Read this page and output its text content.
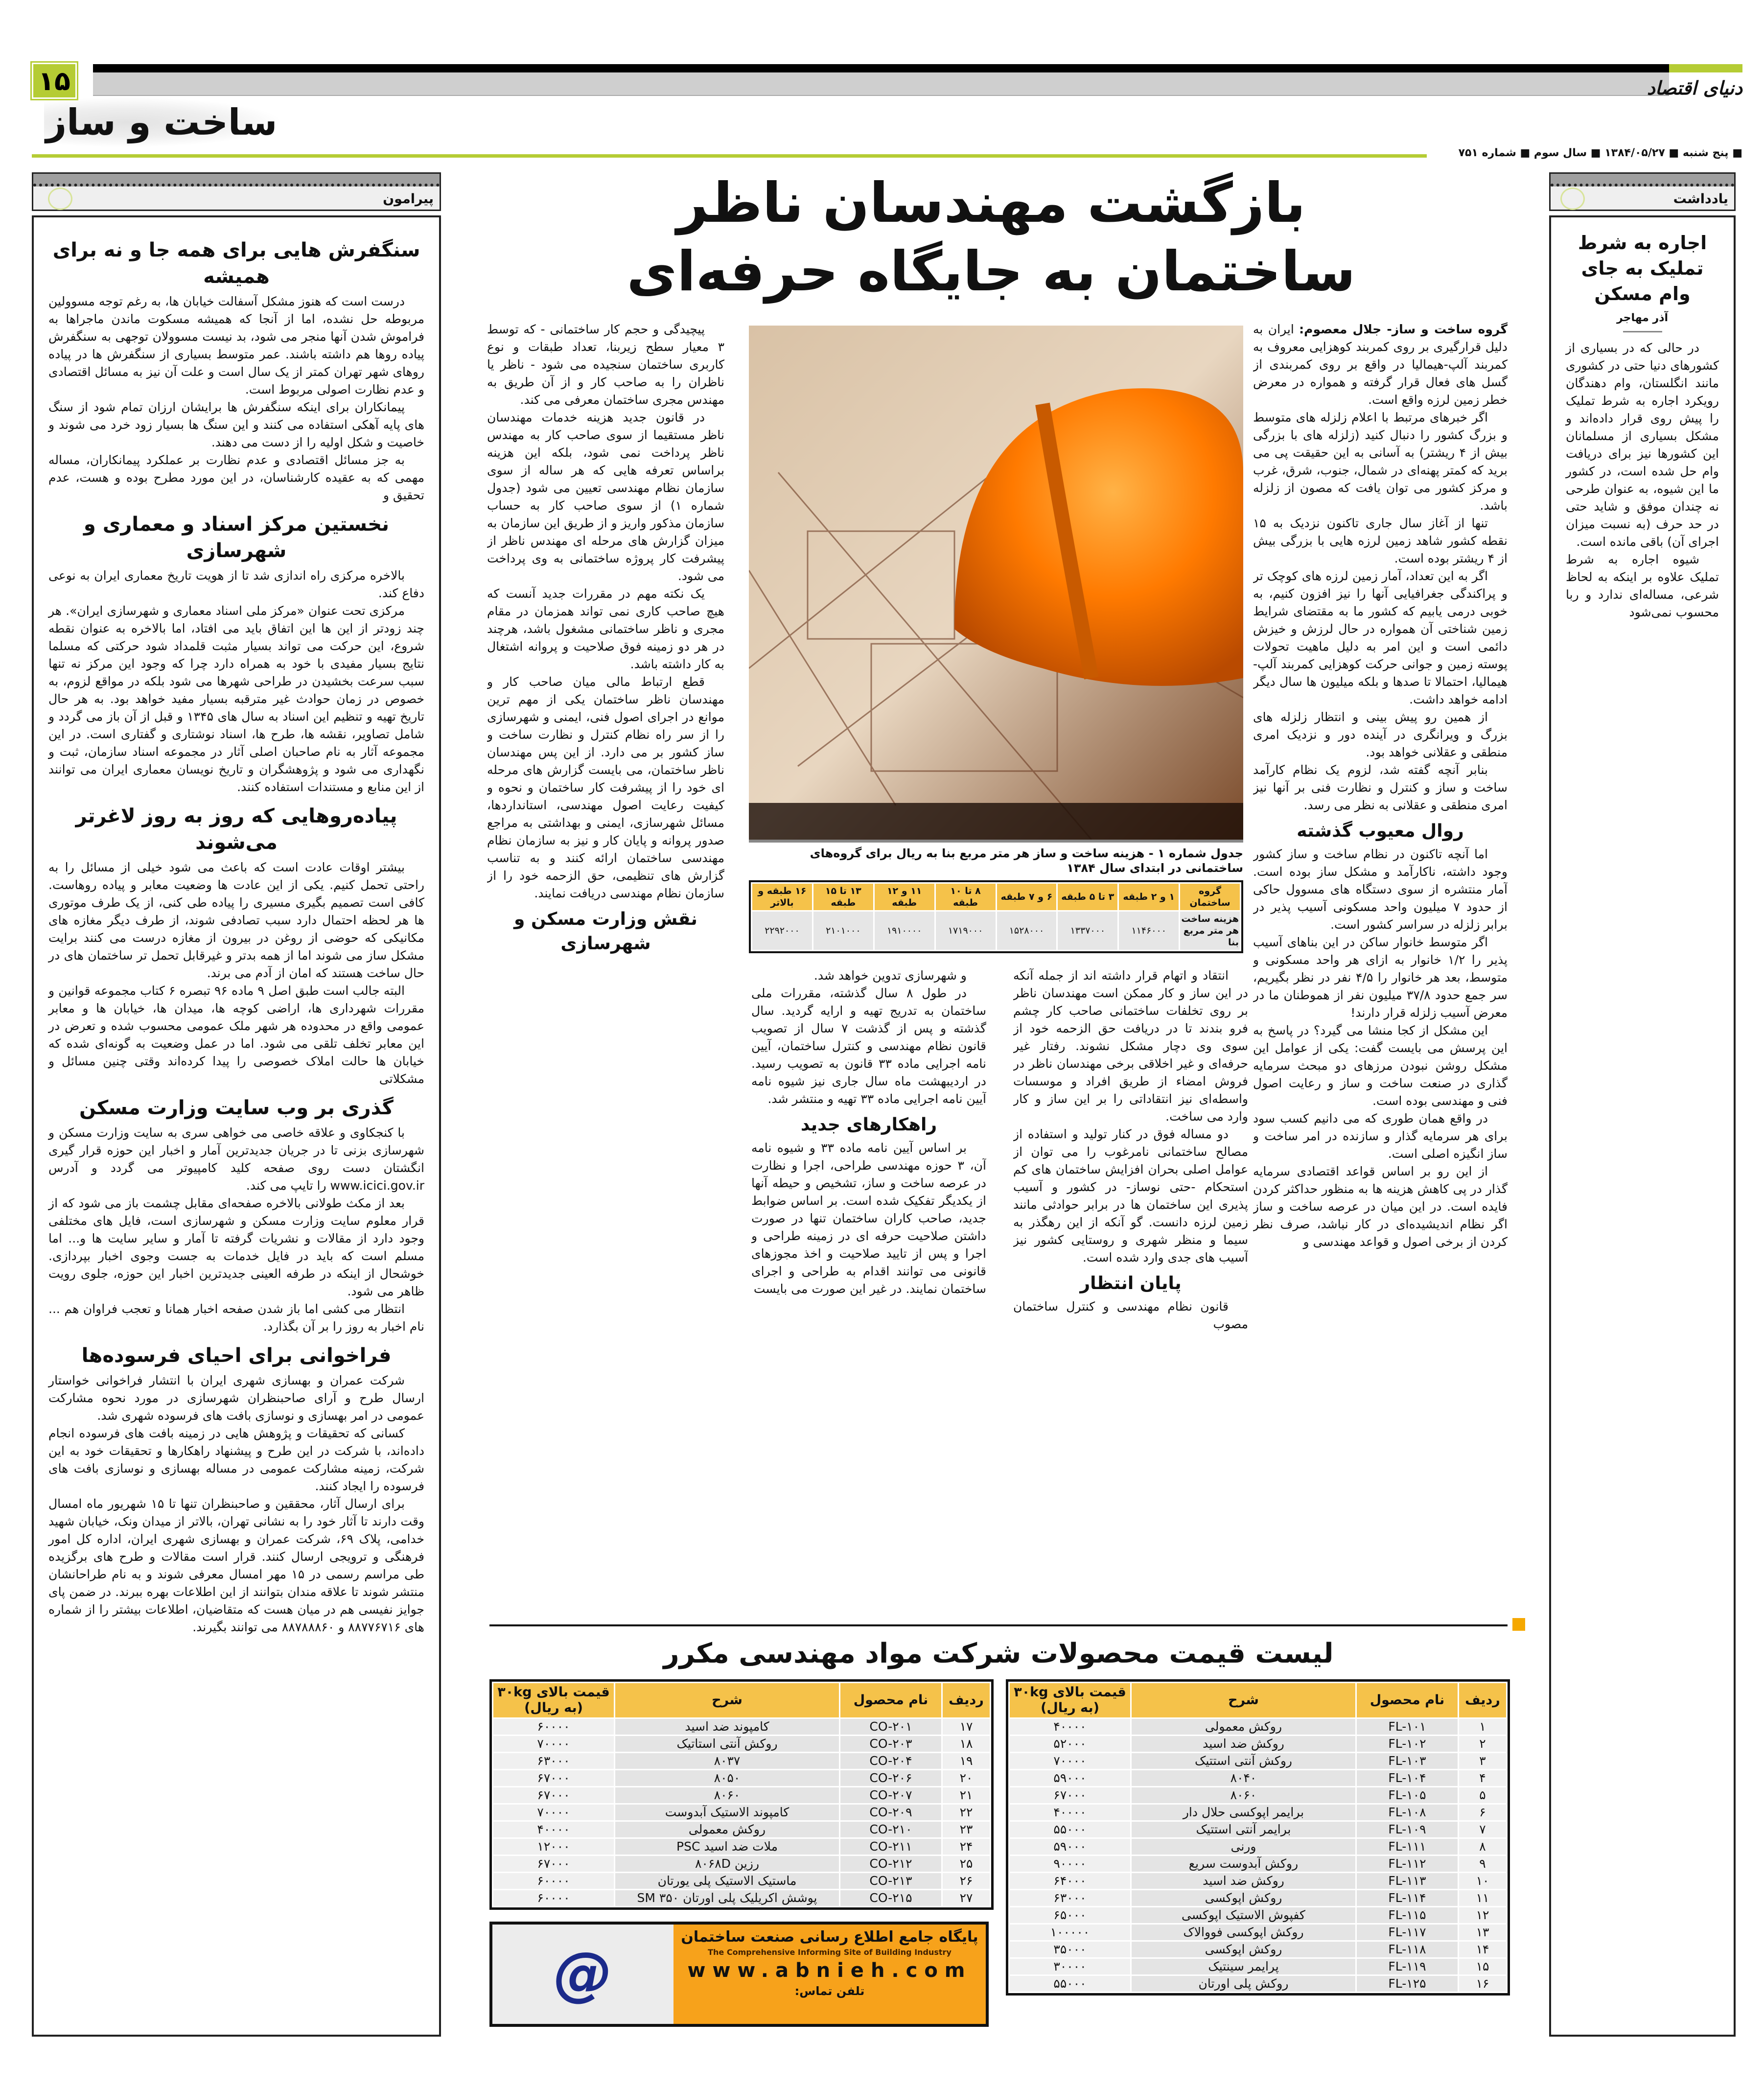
۱۵	دنیای اقتصاد
ساخت و ساز
■ پنج شنبه ■ ۱۳۸۴/۰۵/۲۷ ■ سال سوم ■ شماره ۷۵۱
پیرامون
سنگفرش هایی برای همه جا و نه برای همیشه

درست است که هنوز مشکل آسفالت خیابان ها، به رغم توجه مسوولین مربوطه حل نشده، اما از آنجا که همیشه مسکوت ماندن ماجراها به فراموش شدن آنها منجر می شود، بد نیست مسوولان توجهی به سنگفرش پیاده روها هم داشته باشند. عمر متوسط بسیاری از سنگفرش ها در پیاده روهای شهر تهران کمتر از یک سال است و علت آن نیز به مسائل اقتصادی و عدم نظارت اصولی مربوط است.

پیمانکاران برای اینکه سنگفرش ها برایشان ارزان تمام شود از سنگ های پایه آهکی استفاده می کنند و این سنگ ها بسیار زود خرد می شوند و خاصیت و شکل اولیه را از دست می دهند.

به جز مسائل اقتصادی و عدم نظارت بر عملکرد پیمانکاران، مساله مهمی که به عقیده کارشناسان، در این مورد مطرح بوده و هست، عدم تحقیق و

نخستین مرکز اسناد و معماری و شهرسازی

بالاخره مرکزی راه اندازی شد تا از هویت تاریخ معماری ایران به نوعی دفاع کند.

مرکزی تحت عنوان «مرکز ملی اسناد معماری و شهرسازی ایران». هر چند زودتر از این ها این اتفاق باید می افتاد، اما بالاخره به عنوان نقطه شروع، این حرکت می تواند بسیار مثبت قلمداد شود حرکتی که مسلما نتایج بسیار مفیدی با خود به همراه دارد چرا که وجود این مرکز نه تنها سبب سرعت بخشیدن در طراحی شهرها می شود بلکه در مواقع لزوم، به خصوص در زمان حوادث غیر مترقبه بسیار مفید خواهد بود. به هر حال تاریخ تهیه و تنظیم این اسناد به سال های ۱۳۴۵ و قبل از آن باز می گردد و شامل تصاویر، نقشه ها، طرح ها، اسناد نوشتاری و گفتاری است. در این مجموعه آثار به نام صاحبان اصلی آثار در مجموعه اسناد سازمان، ثبت و نگهداری می شود و پژوهشگران و تاریخ نویسان معماری ایران می توانند از این منابع و مستندات استفاده کنند.

پیاده‌روهایی که روز به روز لاغرتر می‌شوند

بیشتر اوقات عادت است که باعث می شود خیلی از مسائل را به راحتی تحمل کنیم. یکی از این عادت ها وضعیت معابر و پیاده روهاست. کافی است تصمیم بگیری مسیری را پیاده طی کنی، از یک طرف موتوری ها هر لحظه احتمال دارد سبب تصادفی شوند، از طرف دیگر مغازه های مکانیکی که حوضی از روغن در بیرون از مغازه درست می کنند برایت مشکل ساز می شوند اما از همه بدتر و غیرقابل تحمل تر ساختمان های در حال ساخت هستند که امان از آدم می برند.

البته جالب است طبق اصل ۹ ماده ۹۶ تبصره ۶ کتاب مجموعه قوانین و مقررات شهرداری ها، اراضی کوچه ها، میدان ها، خیابان ها و معابر عمومی واقع در محدوده هر شهر ملک عمومی محسوب شده و تعرض در این معابر تخلف تلقی می شود. اما در عمل وضعیت به گونه‌ای شده که خیابان ها حالت املاک خصوصی را پیدا کرده‌اند وقتی چنین مسائل و مشکلاتی

گذری بر وب سایت وزارت مسکن

با کنجکاوی و علاقه خاصی می خواهی سری به سایت وزارت مسکن و شهرسازی بزنی تا در جریان جدیدترین آمار و اخبار این حوزه قرار گیری انگشتان دست روی صفحه کلید کامپیوتر می گردد و آدرس www.icici.gov.ir را تایپ می کند.

بعد از مکث طولانی بالاخره صفحه‌ای مقابل چشمت باز می شود که از قرار معلوم سایت وزارت مسکن و شهرسازی است، فایل های مختلفی وجود دارد از مقالات و نشریات گرفته تا آمار و سایر سایت ها و... اما مسلم است که باید در فایل خدمات به جست وجوی اخبار بپردازی. خوشحال از اینکه در طرفه العینی جدیدترین اخبار این حوزه، جلوی رویت ظاهر می شود.

انتظار می کشی اما باز شدن صفحه اخبار همانا و تعجب فراوان هم ... نام اخبار به روز را بر آن بگذارد.

فراخوانی برای احیای فرسوده‌ها

شرکت عمران و بهسازی شهری ایران با انتشار فراخوانی خواستار ارسال طرح و آرای صاحبنظران شهرسازی در مورد نحوه مشارکت عمومی در امر بهسازی و نوسازی بافت های فرسوده شهری شد.

کسانی که تحقیقات و پژوهش هایی در زمینه بافت های فرسوده انجام داده‌اند، با شرکت در این طرح و پیشنهاد راهکارها و تحقیقات خود به این شرکت، زمینه مشارکت عمومی در مساله بهسازی و نوسازی بافت های فرسوده را ایجاد کنند.

برای ارسال آثار، محققین و صاحبنظران تنها تا ۱۵ شهریور ماه امسال وقت دارند تا آثار خود را به نشانی تهران، بالاتر از میدان ونک، خیابان شهید خدامی، پلاک ۶۹، شرکت عمران و بهسازی شهری ایران، اداره کل امور فرهنگی و ترویجی ارسال کنند. قرار است مقالات و طرح های برگزیده طی مراسم رسمی در ۱۵ مهر امسال معرفی شوند و به نام طراحانشان منتشر شوند تا علاقه مندان بتوانند از این اطلاعات بهره ببرند. در ضمن پای جوایز نفیسی هم در میان هست که متقاضیان، اطلاعات بیشتر را از شماره های ۸۸۷۷۶۷۱۶ و ۸۸۷۸۸۸۶۰ می توانند بگیرند.

یادداشت
اجاره به شرط تملیک به جای وام مسکن
آذر مهاجر

در حالی که در بسیاری از کشورهای دنیا حتی در کشوری مانند انگلستان، وام دهندگان رویکرد اجاره به شرط تملیک را پیش روی قرار داده‌اند و مشکل بسیاری از مسلمانان این کشورها نیز برای دریافت وام حل شده است، در کشور ما این شیوه، به عنوان طرحی نه چندان موفق و شاید حتی در حد حرف (به نسبت میزان اجرای آن) باقی مانده است.

شیوه اجاره به شرط تملیک علاوه بر اینکه به لحاظ شرعی، مساله‌ای ندارد و ربا محسوب نمی‌شود

بازگشت مهندسان ناظر ساختمان به جایگاه حرفه‌ای
گروه ساخت و ساز- جلال معصوم: ایران به دلیل قرارگیری بر روی کمربند کوهزایی معروف به کمربند آلپ-هیمالیا در واقع بر روی کمربندی از گسل های فعال قرار گرفته و همواره در معرض خطر زمین لرزه واقع است.

اگر خبرهای مرتبط با اعلام زلزله های متوسط و بزرگ کشور را دنبال کنید (زلزله های با بزرگی بیش از ۴ ریشتر) به آسانی به این حقیقت پی می برید که کمتر پهنه‌ای در شمال، جنوب، شرق، غرب و مرکز کشور می توان یافت که مصون از زلزله باشد.

تنها از آغاز سال جاری تاکنون نزدیک به ۱۵ نقطه کشور شاهد زمین لرزه هایی با بزرگی بیش از ۴ ریشتر بوده است.

اگر به این تعداد، آمار زمین لرزه های کوچک تر و پراکندگی جغرافیایی آنها را نیز افزون کنیم، به خوبی درمی یابیم که کشور ما به مقتضای شرایط زمین شناختی آن همواره در حال لرزش و خیزش دائمی است و این امر به دلیل ماهیت تحولات پوسته زمین و جوانی حرکت کوهزایی کمربند آلپ- هیمالیا، احتمالا تا صدها و بلکه میلیون ها سال دیگر ادامه خواهد داشت.

از همین رو پیش بینی و انتظار زلزله های بزرگ و ویرانگری در آینده دور و نزدیک امری منطقی و عقلانی خواهد بود.

بنابر آنچه گفته شد، لزوم یک نظام کارآمد ساخت و ساز و کنترل و نظارت فنی بر آنها نیز امری منطقی و عقلانی به نظر می رسد.

روال معیوب گذشته

اما آنچه تاکنون در نظام ساخت و ساز کشور وجود داشته، ناکارآمد و مشکل ساز بوده است. آمار منتشره از سوی دستگاه های مسوول حاکی از حدود ۷ میلیون واحد مسکونی آسیب پذیر در برابر زلزله در سراسر کشور است.

اگر متوسط خانوار ساکن در این بناهای آسیب پذیر را ۱/۲ خانوار به ازای هر واحد مسکونی و متوسط، بعد هر خانوار را ۴/۵ نفر در نظر بگیریم، سر جمع حدود ۳۷/۸ میلیون نفر از هموطنان ما در معرض آسیب زلزله قرار دارند!

این مشکل از کجا منشا می گیرد؟ در پاسخ به این پرسش می بایست گفت: یکی از عوامل این مشکل روشن نبودن مرزهای دو مبحث سرمایه گذاری در صنعت ساخت و ساز و رعایت اصول فنی و مهندسی بوده است.

در واقع همان طوری که می دانیم کسب سود برای هر سرمایه گذار و سازنده در امر ساخت و ساز انگیزه اصلی است.

از این رو بر اساس قواعد اقتصادی سرمایه گذار در پی کاهش هزینه ها به منظور حداکثر کردن فایده است. در این میان در عرصه ساخت و ساز اگر نظام اندیشیده‌ای در کار نباشد، صرف نظر کردن از برخی اصول و قواعد مهندسی و

انتقاد و اتهام قرار داشته اند از جمله آنکه در این ساز و کار ممکن است مهندسان ناظر بر روی تخلفات ساختمانی صاحب کار چشم فرو بندند تا در دریافت حق الزحمه خود از سوی وی دچار مشکل نشوند. رفتار غیر حرفه‌ای و غیر اخلاقی برخی مهندسان ناظر در فروش امضاء از طریق افراد و موسسات واسطه‌ای نیز انتقاداتی را بر این ساز و کار وارد می ساخت.

دو مساله فوق در کنار تولید و استفاده از مصالح ساختمانی نامرغوب را می توان از عوامل اصلی بحران افزایش ساختمان های کم استحکام -حتی نوساز- در کشور و آسیب پذیری این ساختمان ها در برابر حوادثی مانند زمین لرزه دانست. گو آنکه از این رهگذر به سیما و منظر شهری و روستایی کشور نیز آسیب های جدی وارد شده است.

پایان انتظار

قانون نظام مهندسی و کنترل ساختمان مصوب

و شهرسازی تدوین خواهد شد.

در طول ۸ سال گذشته، مقررات ملی ساختمان به تدریج تهیه و ارایه گردید. سال گذشته و پس از گذشت ۷ سال از تصویب قانون نظام مهندسی و کنترل ساختمان، آیین نامه اجرایی ماده ۳۳ قانون به تصویب رسید. در اردیبهشت ماه سال جاری نیز شیوه نامه آیین نامه اجرایی ماده ۳۳ تهیه و منتشر شد.

راهکارهای جدید

بر اساس آیین نامه ماده ۳۳ و شیوه نامه آن، ۳ حوزه مهندسی طراحی، اجرا و نظارت در عرصه ساخت و ساز، تشخیص و حیطه آنها از یکدیگر تفکیک شده است. بر اساس ضوابط جدید، صاحب کاران ساختمان تنها در صورت داشتن صلاحیت حرفه ای در زمینه طراحی و اجرا و پس از تایید صلاحیت و اخذ مجوزهای قانونی می توانند اقدام به طراحی و اجرای ساختمان نمایند. در غیر این صورت می بایست

پیچیدگی و حجم کار ساختمانی - که توسط ۳ معیار سطح زیربنا، تعداد طبقات و نوع کاربری ساختمان سنجیده می شود - ناظر یا ناظران را به صاحب کار و از آن طریق به مهندس مجری ساختمان معرفی می کند.

در قانون جدید هزینه خدمات مهندسان ناظر مستقیما از سوی صاحب کار به مهندس ناظر پرداخت نمی شود، بلکه این هزینه براساس تعرفه هایی که هر ساله از سوی سازمان نظام مهندسی تعیین می شود (جدول شماره ۱) از سوی صاحب کار به حساب سازمان مذکور واریز و از طریق این سازمان به میزان گزارش های مرحله ای مهندس ناظر از پیشرفت کار پروژه ساختمانی به وی پرداخت می شود.

یک نکته مهم در مقررات جدید آنست که هیچ صاحب کاری نمی تواند همزمان در مقام مجری و ناظر ساختمانی مشغول باشد، هرچند در هر دو زمینه فوق صلاحیت و پروانه اشتغال به کار داشته باشد.

قطع ارتباط مالی میان صاحب کار و مهندسان ناظر ساختمان یکی از مهم ترین موانع در اجرای اصول فنی، ایمنی و شهرسازی را از سر راه نظام کنترل و نظارت ساخت و ساز کشور بر می دارد. از این پس مهندسان ناظر ساختمان، می بایست گزارش های مرحله ای خود را از پیشرفت کار ساختمان و نحوه و کیفیت رعایت اصول مهندسی، استانداردها، مسائل شهرسازی، ایمنی و بهداشتی به مراجع صدور پروانه و پایان کار و نیز به سازمان نظام مهندسی ساختمان ارائه کنند و به تناسب گزارش های تنظیمی، حق الزحمه خود را از سازمان نظام مهندسی دریافت نمایند.

نقش وزارت مسکن و شهرسازی
جدول شماره ۱ - هزینه ساخت و ساز هر متر مربع بنا به ریال برای گروه‌های ساختمانی در ابتدای سال ۱۳۸۴
گروه ساختمان	۱ و ۲ طبقه	۳ تا ۵ طبقه	۶ و ۷ طبقه	۸ تا ۱۰ طبقه	۱۱ و ۱۲ طبقه	۱۳ تا ۱۵ طبقه	۱۶ طبقه و بالاتر
هزینه ساخت هر متر مربع بنا	۱۱۴۶۰۰۰	۱۳۳۷۰۰۰	۱۵۲۸۰۰۰	۱۷۱۹۰۰۰	۱۹۱۰۰۰۰	۲۱۰۱۰۰۰	۲۲۹۲۰۰۰
لیست قیمت محصولات شرکت مواد مهندسی مکرر
ردیف	نام محصول	شرح	قیمت بالای ۳۰kg (به ریال)
۱	FL-۱۰۱	روکش معمولی	۴۰۰۰۰
۲	FL-۱۰۲	روکش ضد اسید	۵۲۰۰۰
۳	FL-۱۰۳	روکش آنتی استتیک	۷۰۰۰۰
۴	FL-۱۰۴	۸۰۴۰	۵۹۰۰۰
۵	FL-۱۰۵	۸۰۶۰	۶۷۰۰۰
۶	FL-۱۰۸	برایمر اپوکسی حلال دار	۴۰۰۰۰
۷	FL-۱۰۹	برایمر آنتی استتیک	۵۵۰۰۰
۸	FL-۱۱۱	ورنی	۵۹۰۰۰
۹	FL-۱۱۲	روکش آبدوست سریع	۹۰۰۰۰
۱۰	FL-۱۱۳	روکش ضد اسید	۶۴۰۰۰
۱۱	FL-۱۱۴	روکش اپوکسی	۶۳۰۰۰
۱۲	FL-۱۱۵	کفپوش الاستیک اپوکسی	۶۵۰۰۰
۱۳	FL-۱۱۷	روکش اپوکسی فووالاک	۱۰۰۰۰۰
۱۴	FL-۱۱۸	روکش اپوکسی	۳۵۰۰۰
۱۵	FL-۱۱۹	پرایمر سینتیک	۳۰۰۰۰
۱۶	FL-۱۲۵	روکش پلی اورتان	۵۵۰۰۰
ردیف	نام محصول	شرح	قیمت بالای ۳۰kg (به ریال)
۱۷	CO-۲۰۱	کامپوند ضد اسید	۶۰۰۰۰
۱۸	CO-۲۰۳	روکش آنتی استاتیک	۷۰۰۰۰
۱۹	CO-۲۰۴	۸۰۳۷	۶۳۰۰۰
۲۰	CO-۲۰۶	۸۰۵۰	۶۷۰۰۰
۲۱	CO-۲۰۷	۸۰۶۰	۶۷۰۰۰
۲۲	CO-۲۰۹	کامپوند الاستیک آبدوست	۷۰۰۰۰
۲۳	CO-۲۱۰	روکش معمولی	۴۰۰۰۰
۲۴	CO-۲۱۱	ملات ضد اسید PSC	۱۲۰۰۰
۲۵	CO-۲۱۲	رزین ۸۰۶۸D	۶۷۰۰۰
۲۶	CO-۲۱۳	ماستیک الاستیک پلی یورتان	۶۰۰۰۰
۲۷	CO-۲۱۵	پوشش اکریلیک پلی اورتان SM ۳۵۰	۶۰۰۰۰
@
پایگاه جامع اطلاع رسانی صنعت ساختمان
The Comprehensive Informing Site of Building Industry
www.abnieh.com
تلفن تماس:
